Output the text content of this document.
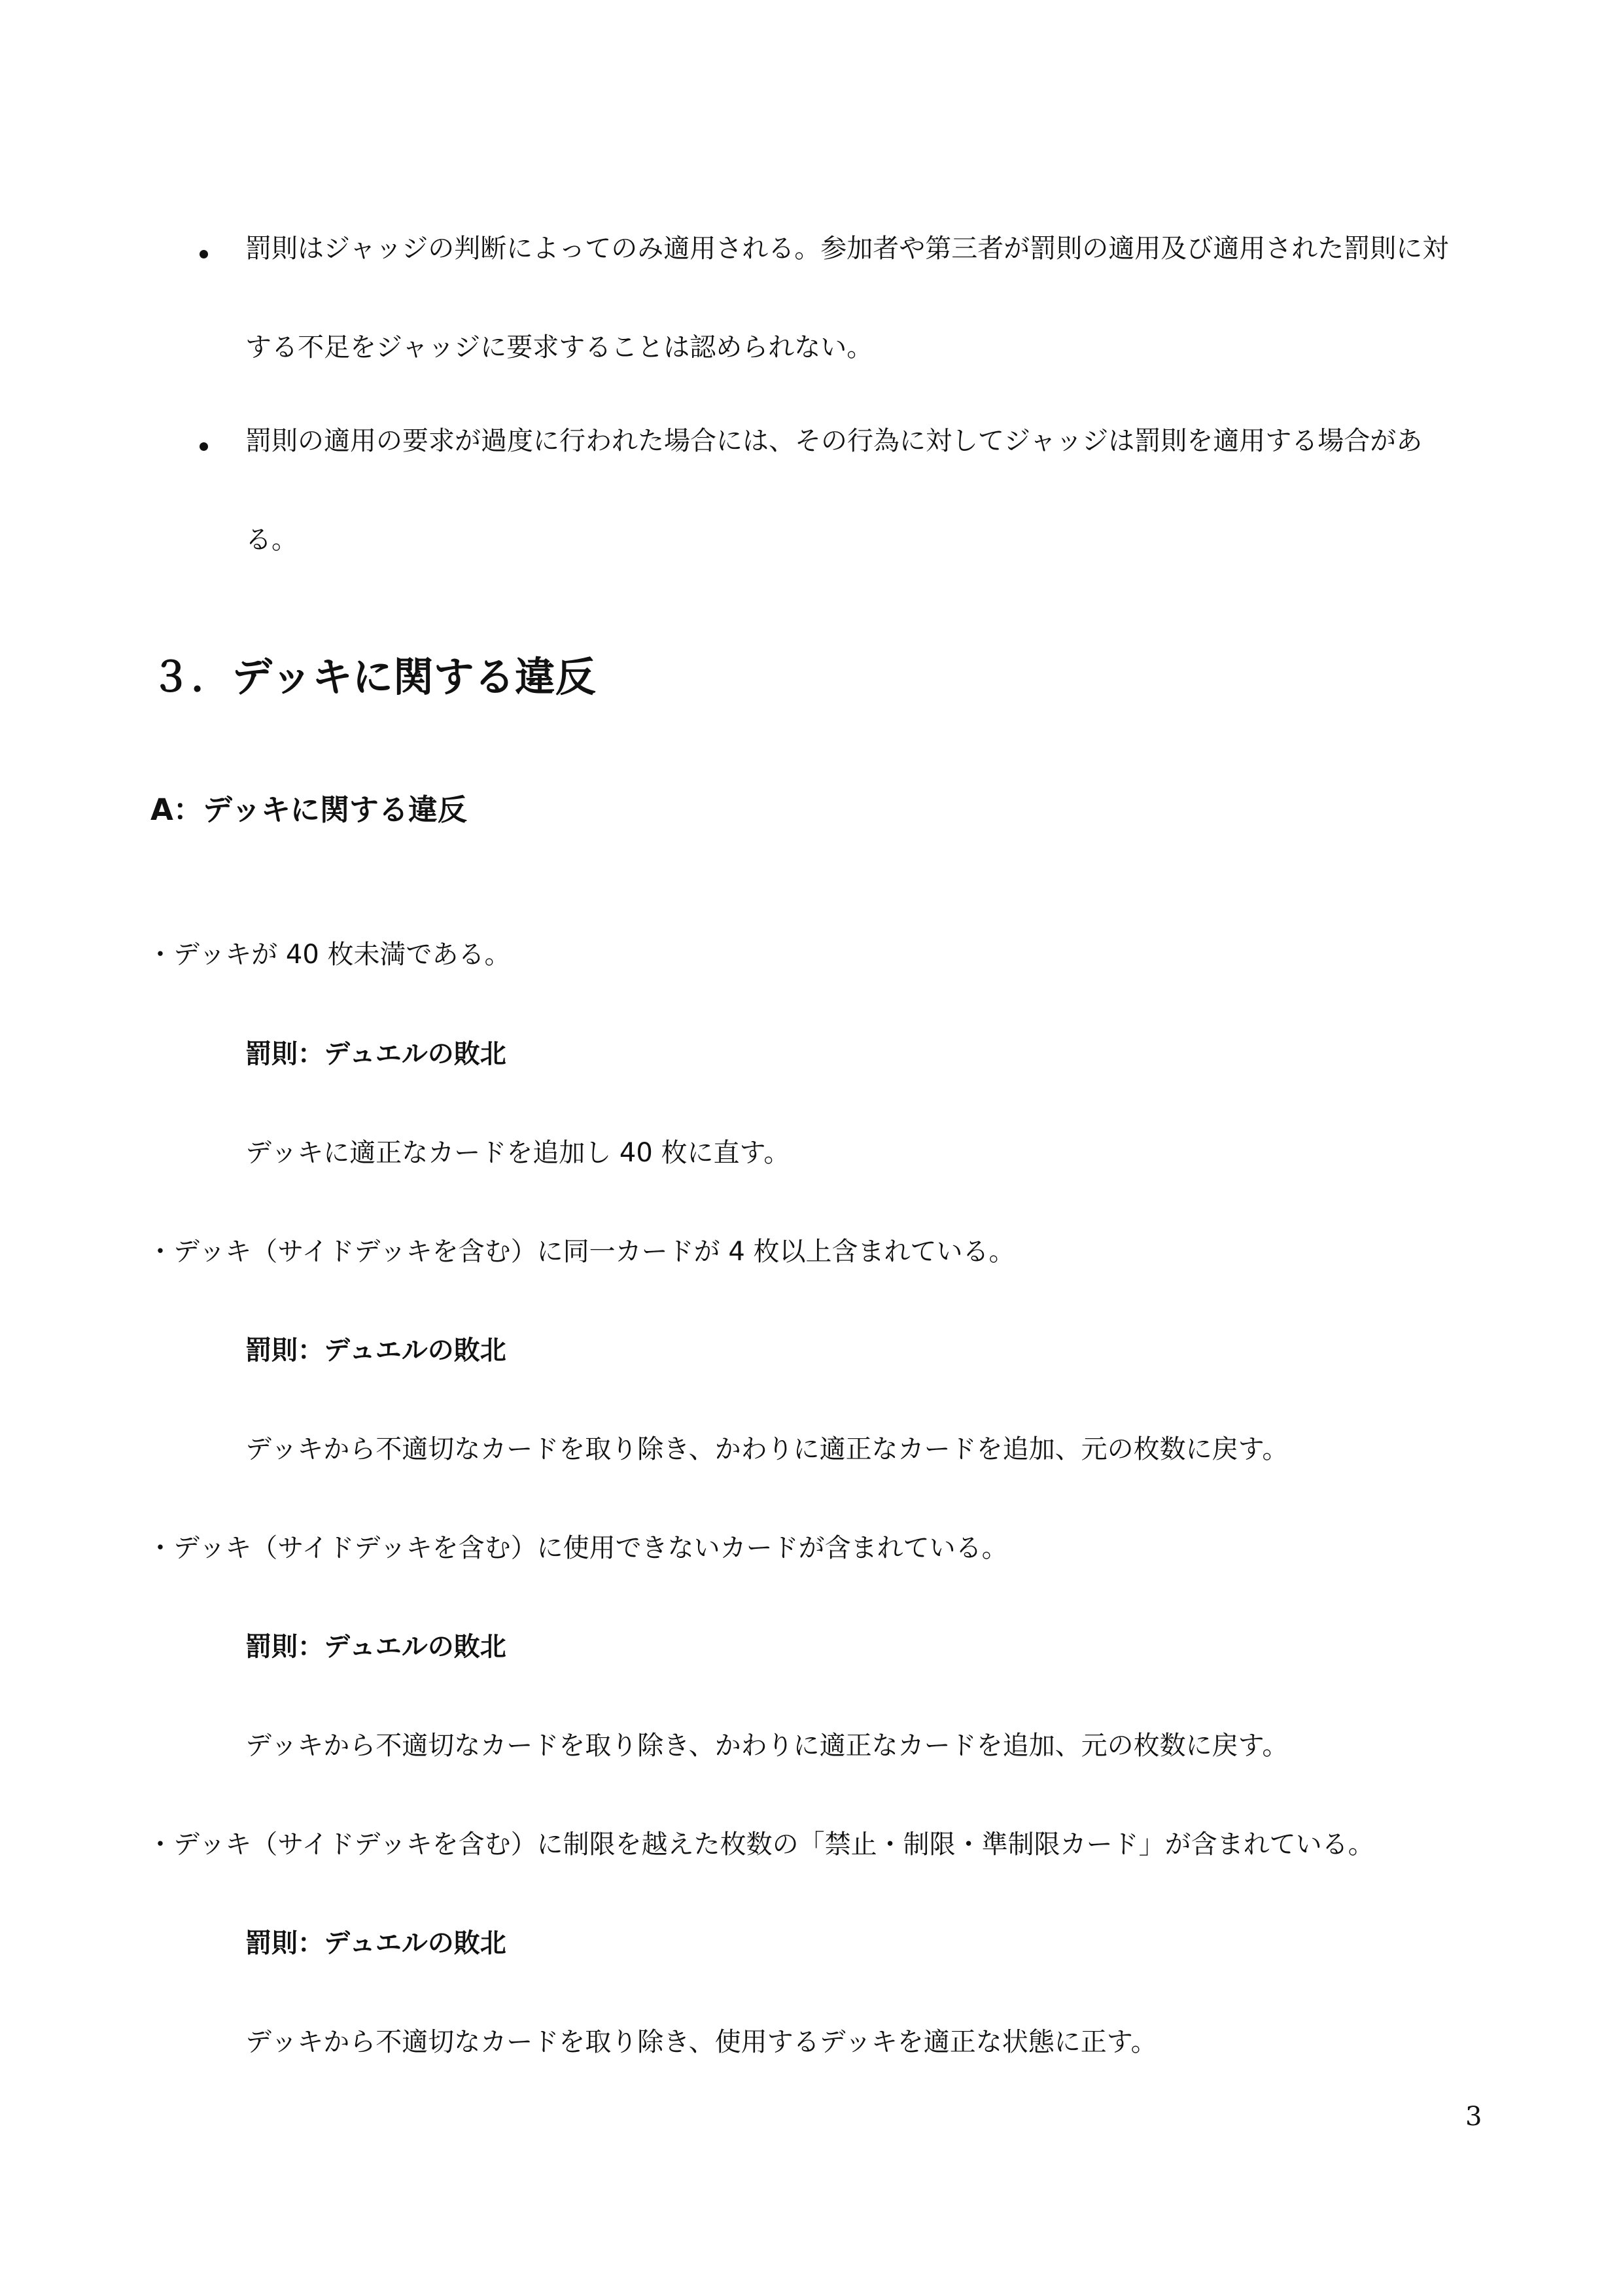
罰則はジャッジの判断によってのみ適用される。参加者や第三者が罰則の適用及び適用された罰則に対
する不足をジャッジに要求することは認められない。
罰則の適用の要求が過度に行われた場合には、その行為に対してジャッジは罰則を適用する場合があ
る。
３．デッキに関する違反
A：デッキに関する違反
・デッキが 40 枚未満である。
罰則：デュエルの敗北
デッキに適正なカードを追加し 40 枚に直す。
・デッキ（サイドデッキを含む）に同一カードが 4 枚以上含まれている。
罰則：デュエルの敗北
デッキから不適切なカードを取り除き、かわりに適正なカードを追加、元の枚数に戻す。
・デッキ（サイドデッキを含む）に使用できないカードが含まれている。
罰則：デュエルの敗北
デッキから不適切なカードを取り除き、かわりに適正なカードを追加、元の枚数に戻す。
・デッキ（サイドデッキを含む）に制限を越えた枚数の「禁止・制限・準制限カード」が含まれている。
罰則：デュエルの敗北
デッキから不適切なカードを取り除き、使用するデッキを適正な状態に正す。
3
